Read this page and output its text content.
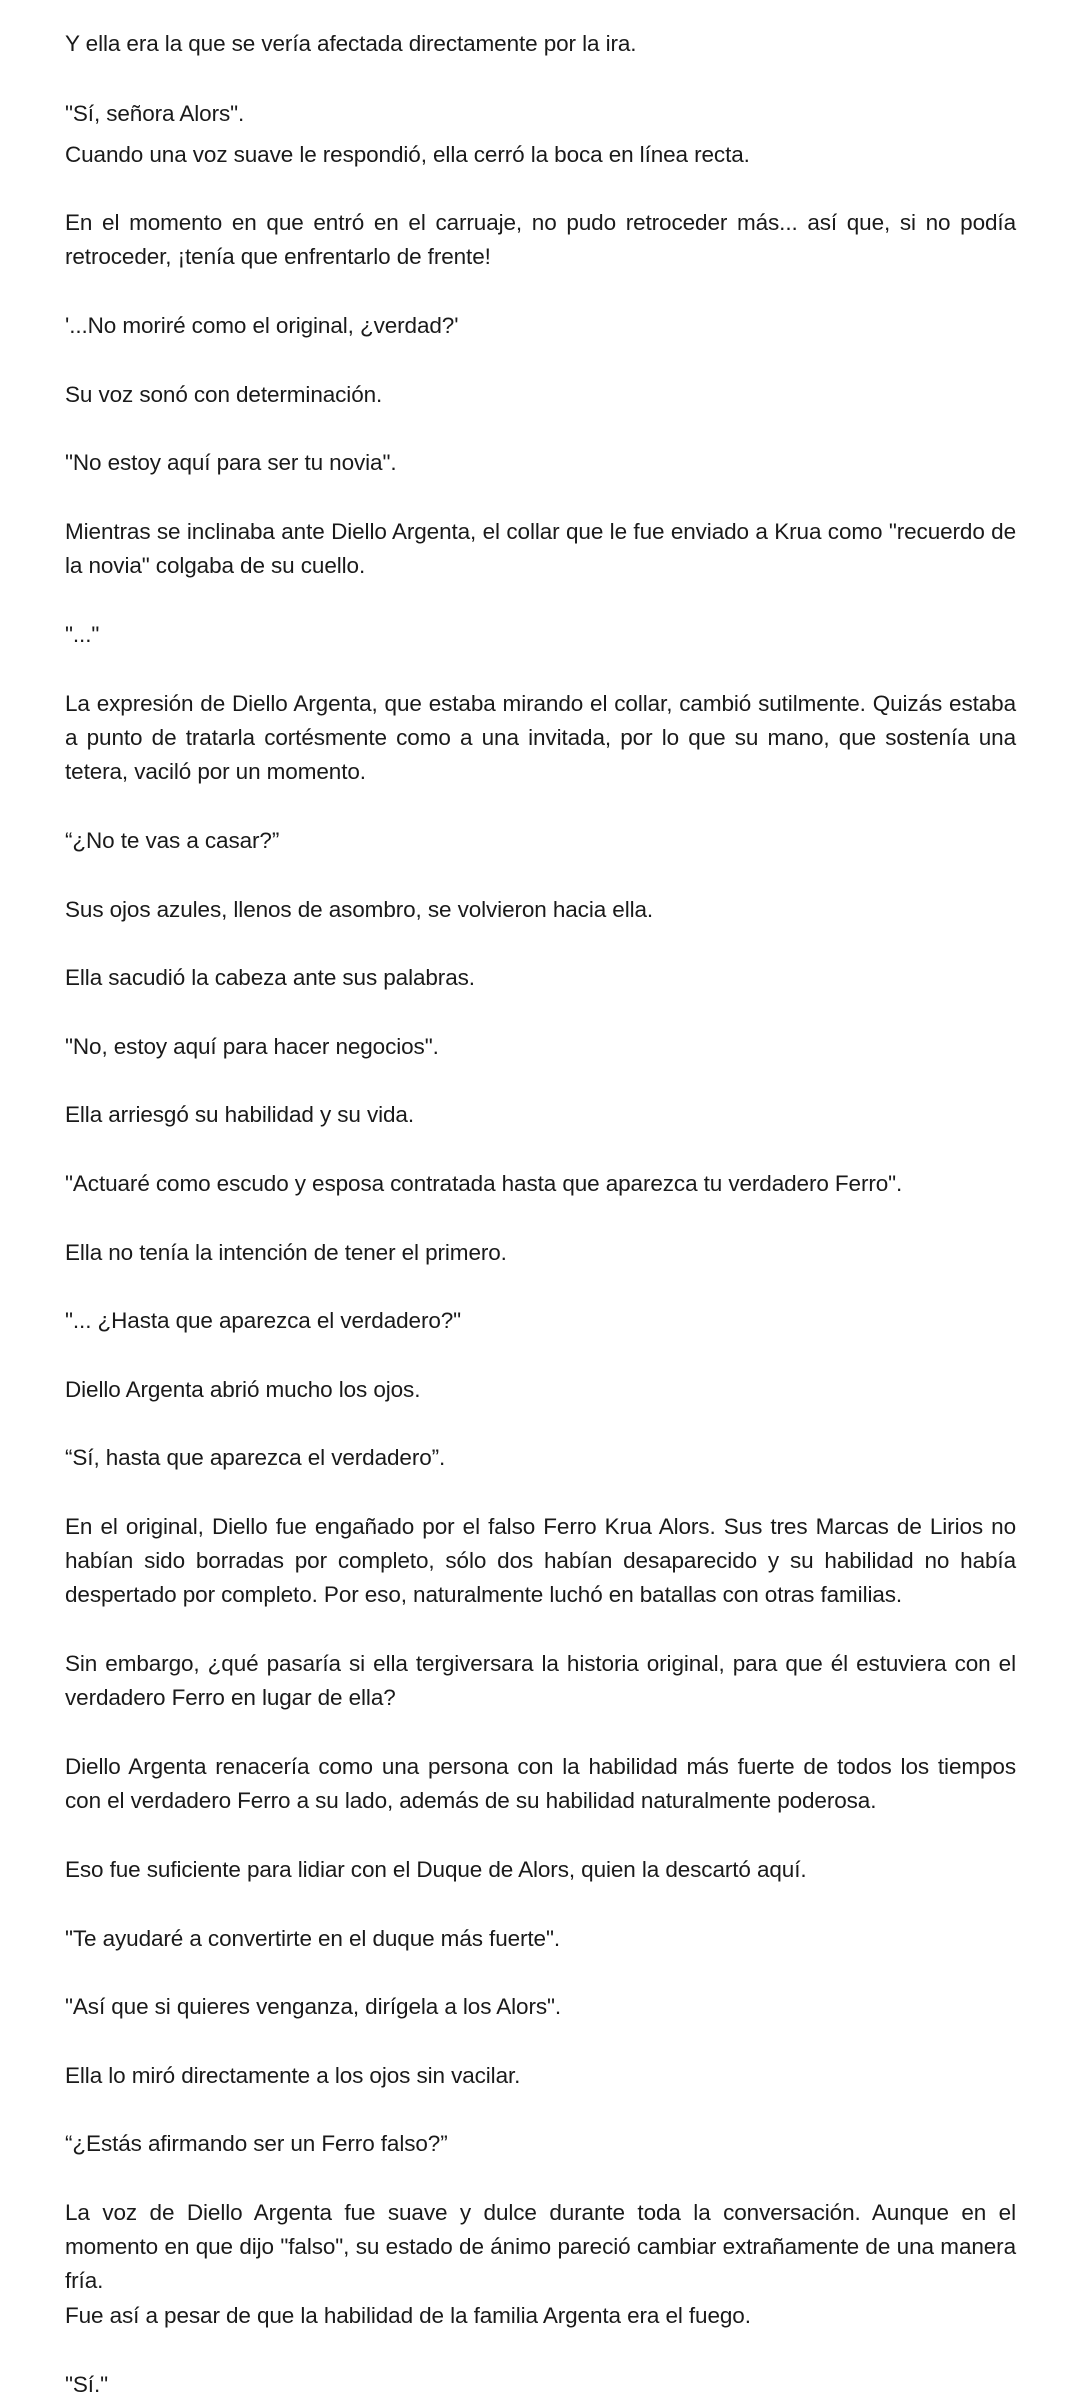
Y ella era la que se vería afectada directamente por la ira.

"Sí, señora Alors".

Cuando una voz suave le respondió, ella cerró la boca en línea recta.

En el momento en que entró en el carruaje, no pudo retroceder más... así que, si no podía retroceder, ¡tenía que enfrentarlo de frente!

'...No moriré como el original, ¿verdad?'

Su voz sonó con determinación.

"No estoy aquí para ser tu novia".

Mientras se inclinaba ante Diello Argenta, el collar que le fue enviado a Krua como "recuerdo de la novia" colgaba de su cuello.

"..."

La expresión de Diello Argenta, que estaba mirando el collar, cambió sutilmente. Quizás estaba a punto de tratarla cortésmente como a una invitada, por lo que su mano, que sostenía una tetera, vaciló por un momento.

“¿No te vas a casar?”

Sus ojos azules, llenos de asombro, se volvieron hacia ella.

Ella sacudió la cabeza ante sus palabras.

"No, estoy aquí para hacer negocios".

Ella arriesgó su habilidad y su vida.

"Actuaré como escudo y esposa contratada hasta que aparezca tu verdadero Ferro".

Ella no tenía la intención de tener el primero.

"... ¿Hasta que aparezca el verdadero?"

Diello Argenta abrió mucho los ojos.

“Sí, hasta que aparezca el verdadero”.

En el original, Diello fue engañado por el falso Ferro Krua Alors. Sus tres Marcas de Lirios no habían sido borradas por completo, sólo dos habían desaparecido y su habilidad no había despertado por completo. Por eso, naturalmente luchó en batallas con otras familias.

Sin embargo, ¿qué pasaría si ella tergiversara la historia original, para que él estuviera con el verdadero Ferro en lugar de ella?

Diello Argenta renacería como una persona con la habilidad más fuerte de todos los tiempos con el verdadero Ferro a su lado, además de su habilidad naturalmente poderosa.

Eso fue suficiente para lidiar con el Duque de Alors, quien la descartó aquí.

"Te ayudaré a convertirte en el duque más fuerte".

"Así que si quieres venganza, dirígela a los Alors".

Ella lo miró directamente a los ojos sin vacilar.

“¿Estás afirmando ser un Ferro falso?”

La voz de Diello Argenta fue suave y dulce durante toda la conversación. Aunque en el momento en que dijo "falso", su estado de ánimo pareció cambiar extrañamente de una manera fría.

Fue así a pesar de que la habilidad de la familia Argenta era el fuego.

"Sí."
